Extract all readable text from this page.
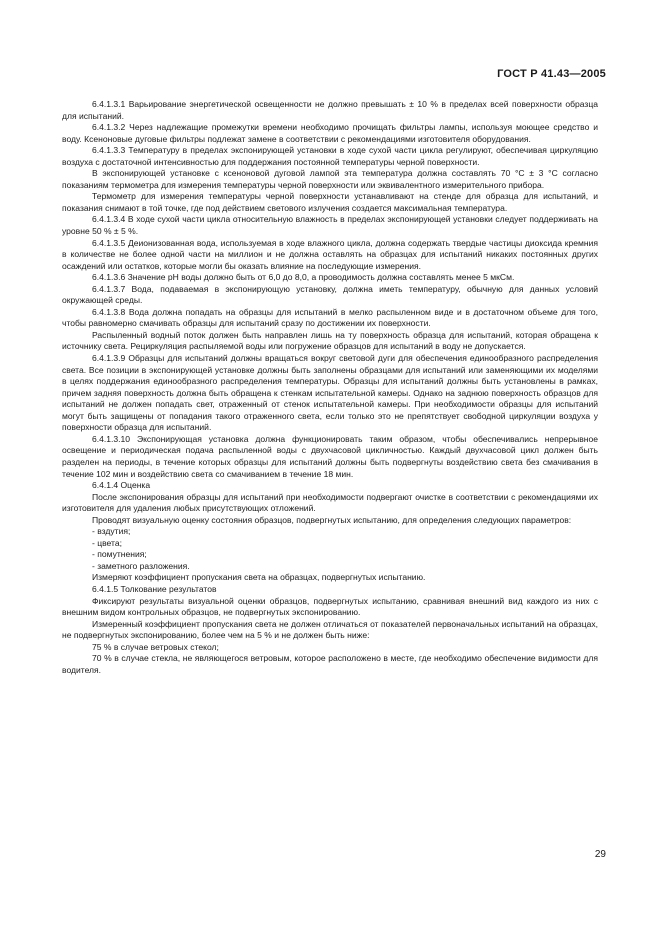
ГОСТ Р 41.43—2005

6.4.1.3.1 Варьирование энергетической освещенности не должно превышать ± 10 % в пределах всей поверхности образца для испытаний.

6.4.1.3.2 Через надлежащие промежутки времени необходимо прочищать фильтры лампы, используя моющее средство и воду. Ксеноновые дуговые фильтры подлежат замене в соответствии с рекомендациями изготовителя оборудования.

6.4.1.3.3 Температуру в пределах экспонирующей установки в ходе сухой части цикла регулируют, обеспечивая циркуляцию воздуха с достаточной интенсивностью для поддержания постоянной температуры черной поверхности.

В экспонирующей установке с ксеноновой дуговой лампой эта температура должна составлять 70 °С ± 3 °С согласно показаниям термометра для измерения температуры черной поверхности или эквивалентного измерительного прибора.

Термометр для измерения температуры черной поверхности устанавливают на стенде для образца для испытаний, и показания снимают в той точке, где под действием светового излучения создается максимальная температура.

6.4.1.3.4 В ходе сухой части цикла относительную влажность в пределах экспонирующей установки следует поддерживать на уровне 50 % ± 5 %.

6.4.1.3.5 Деионизованная вода, используемая в ходе влажного цикла, должна содержать твердые частицы диоксида кремния в количестве не более одной части на миллион и не должна оставлять на образцах для испытаний никаких постоянных других осаждений или остатков, которые могли бы оказать влияние на последующие измерения.

6.4.1.3.6 Значение рН воды должно быть от 6,0 до 8,0, а проводимость должна составлять менее 5 мкСм.

6.4.1.3.7 Вода, подаваемая в экспонирующую установку, должна иметь температуру, обычную для данных условий окружающей среды.

6.4.1.3.8 Вода должна попадать на образцы для испытаний в мелко распыленном виде и в достаточном объеме для того, чтобы равномерно смачивать образцы для испытаний сразу по достижении их поверхности.

Распыленный водный поток должен быть направлен лишь на ту поверхность образца для испытаний, которая обращена к источнику света. Рециркуляция распыляемой воды или погружение образцов для испытаний в воду не допускается.

6.4.1.3.9 Образцы для испытаний должны вращаться вокруг световой дуги для обеспечения единообразного распределения света. Все позиции в экспонирующей установке должны быть заполнены образцами для испытаний или заменяющими их моделями в целях поддержания единообразного распределения температуры. Образцы для испытаний должны быть установлены в рамках, причем задняя поверхность должна быть обращена к стенкам испытательной камеры. Однако на заднюю поверхность образцов для испытаний не должен попадать свет, отраженный от стенок испытательной камеры. При необходимости образцы для испытаний могут быть защищены от попадания такого отраженного света, если только это не препятствует свободной циркуляции воздуха у поверхности образца для испытаний.

6.4.1.3.10 Экспонирующая установка должна функционировать таким образом, чтобы обеспечивались непрерывное освещение и периодическая подача распыленной воды с двухчасовой цикличностью. Каждый двухчасовой цикл должен быть разделен на периоды, в течение которых образцы для испытаний должны быть подвергнуты воздействию света без смачивания в течение 102 мин и воздействию света со смачиванием в течение 18 мин.

6.4.1.4 Оценка

После экспонирования образцы для испытаний при необходимости подвергают очистке в соответствии с рекомендациями их изготовителя для удаления любых присутствующих отложений.

Проводят визуальную оценку состояния образцов, подвергнутых испытанию, для определения следующих параметров:

- вздутия;

- цвета;

- помутнения;

- заметного разложения.

Измеряют коэффициент пропускания света на образцах, подвергнутых испытанию.

6.4.1.5 Толкование результатов

Фиксируют результаты визуальной оценки образцов, подвергнутых испытанию, сравнивая внешний вид каждого из них с внешним видом контрольных образцов, не подвергнутых экспонированию.

Измеренный коэффициент пропускания света не должен отличаться от показателей первоначальных испытаний на образцах, не подвергнутых экспонированию, более чем на 5 % и не должен быть ниже:

75 % в случае ветровых стекол;

70 % в случае стекла, не являющегося ветровым, которое расположено в месте, где необходимо обеспечение видимости для водителя.

29
